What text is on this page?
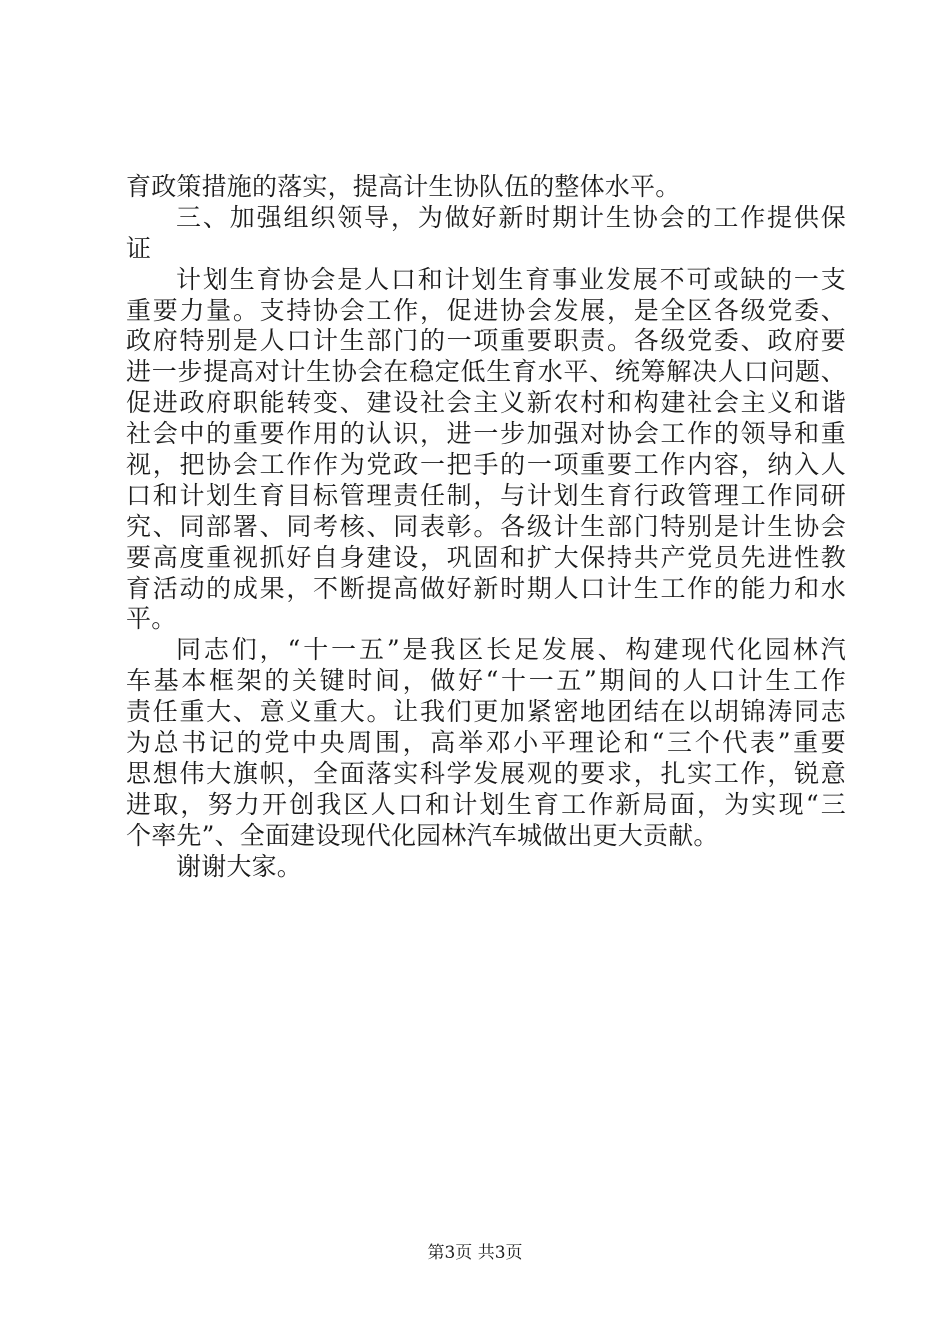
育政策措施的落实，提高计生协队伍的整体水平。
三、加强组织领导，为做好新时期计生协会的工作提供保
证
计划生育协会是人口和计划生育事业发展不可或缺的一支
重要力量。支持协会工作，促进协会发展，是全区各级党委、
政府特别是人口计生部门的一项重要职责。各级党委、政府要
进一步提高对计生协会在稳定低生育水平、统筹解决人口问题、
促进政府职能转变、建设社会主义新农村和构建社会主义和谐
社会中的重要作用的认识，进一步加强对协会工作的领导和重
视，把协会工作作为党政一把手的一项重要工作内容，纳入人
口和计划生育目标管理责任制，与计划生育行政管理工作同研
究、同部署、同考核、同表彰。各级计生部门特别是计生协会
要高度重视抓好自身建设，巩固和扩大保持共产党员先进性教
育活动的成果，不断提高做好新时期人口计生工作的能力和水
平。
同志们，“十一五”是我区长足发展、构建现代化园林汽
车基本框架的关键时间，做好“十一五”期间的人口计生工作
责任重大、意义重大。让我们更加紧密地团结在以胡锦涛同志
为总书记的党中央周围，高举邓小平理论和“三个代表”重要
思想伟大旗帜，全面落实科学发展观的要求，扎实工作，锐意
进取，努力开创我区人口和计划生育工作新局面，为实现“三
个率先”、全面建设现代化园林汽车城做出更大贡献。
谢谢大家。
第3页 共3页
